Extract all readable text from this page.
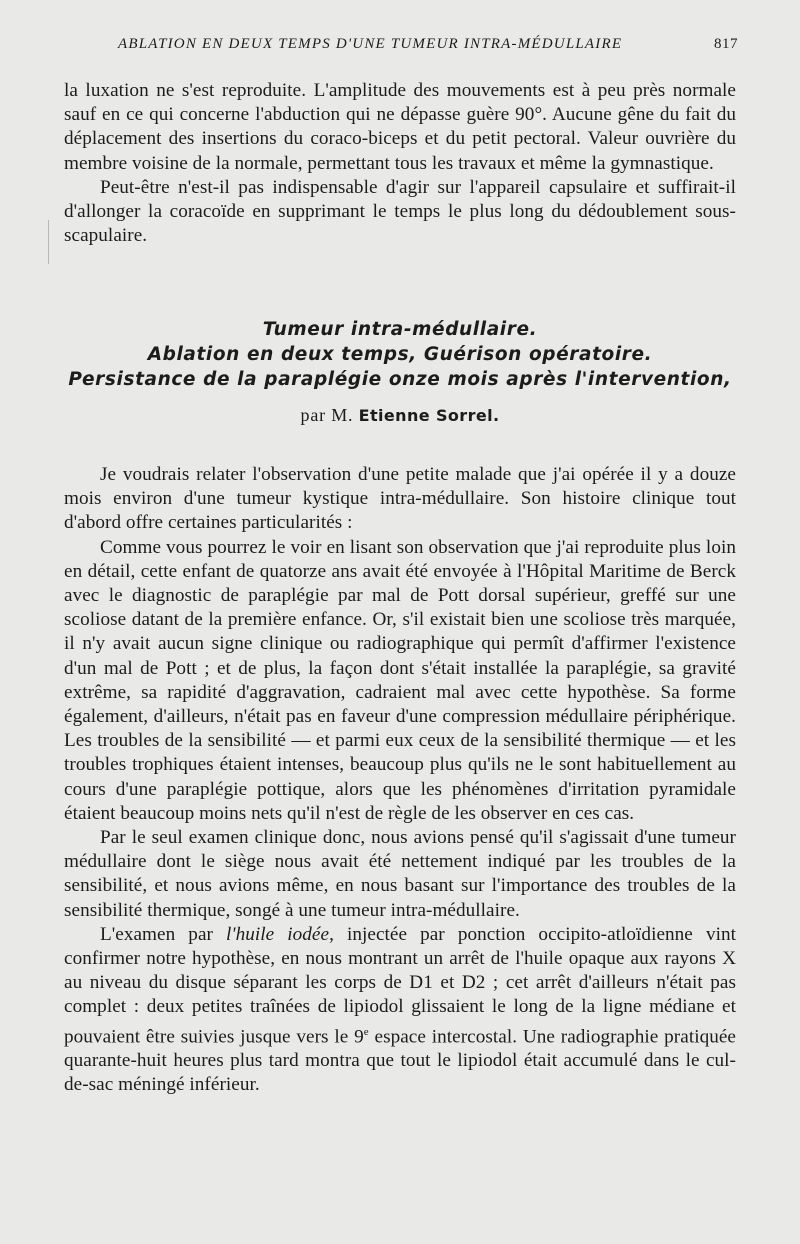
ABLATION EN DEUX TEMPS D'UNE TUMEUR INTRA-MÉDULLAIRE	817

la luxation ne s'est reproduite. L'amplitude des mouvements est à peu près normale sauf en ce qui concerne l'abduction qui ne dépasse guère 90°. Aucune gêne du fait du déplacement des insertions du coraco-biceps et du petit pectoral. Valeur ouvrière du membre voisine de la normale, permettant tous les travaux et même la gymnastique.

Peut-être n'est-il pas indispensable d'agir sur l'appareil capsulaire et suffirait-il d'allonger la coracoïde en supprimant le temps le plus long du dédoublement sous-scapulaire.

Tumeur intra-médullaire.
Ablation en deux temps, Guérison opératoire.
Persistance de la paraplégie onze mois après l'intervention,
par M. Etienne Sorrel.

Je voudrais relater l'observation d'une petite malade que j'ai opérée il y a douze mois environ d'une tumeur kystique intra-médullaire. Son histoire clinique tout d'abord offre certaines particularités :

Comme vous pourrez le voir en lisant son observation que j'ai reproduite plus loin en détail, cette enfant de quatorze ans avait été envoyée à l'Hôpital Maritime de Berck avec le diagnostic de paraplégie par mal de Pott dorsal supérieur, greffé sur une scoliose datant de la première enfance. Or, s'il existait bien une scoliose très marquée, il n'y avait aucun signe clinique ou radiographique qui permît d'affirmer l'existence d'un mal de Pott ; et de plus, la façon dont s'était installée la paraplégie, sa gravité extrême, sa rapidité d'aggravation, cadraient mal avec cette hypothèse. Sa forme également, d'ailleurs, n'était pas en faveur d'une compression médullaire périphérique. Les troubles de la sensibilité — et parmi eux ceux de la sensibilité thermique — et les troubles trophiques étaient intenses, beaucoup plus qu'ils ne le sont habituellement au cours d'une paraplégie pottique, alors que les phénomènes d'irritation pyramidale étaient beaucoup moins nets qu'il n'est de règle de les observer en ces cas.

Par le seul examen clinique donc, nous avions pensé qu'il s'agissait d'une tumeur médullaire dont le siège nous avait été nettement indiqué par les troubles de la sensibilité, et nous avions même, en nous basant sur l'importance des troubles de la sensibilité thermique, songé à une tumeur intra-médullaire.

L'examen par l'huile iodée, injectée par ponction occipito-atloïdienne vint confirmer notre hypothèse, en nous montrant un arrêt de l'huile opaque aux rayons X au niveau du disque séparant les corps de D1 et D2 ; cet arrêt d'ailleurs n'était pas complet : deux petites traînées de lipiodol glissaient le long de la ligne médiane et pouvaient être suivies jusque vers le 9e espace intercostal. Une radiographie pratiquée quarante-huit heures plus tard montra que tout le lipiodol était accumulé dans le cul-de-sac méningé inférieur.
